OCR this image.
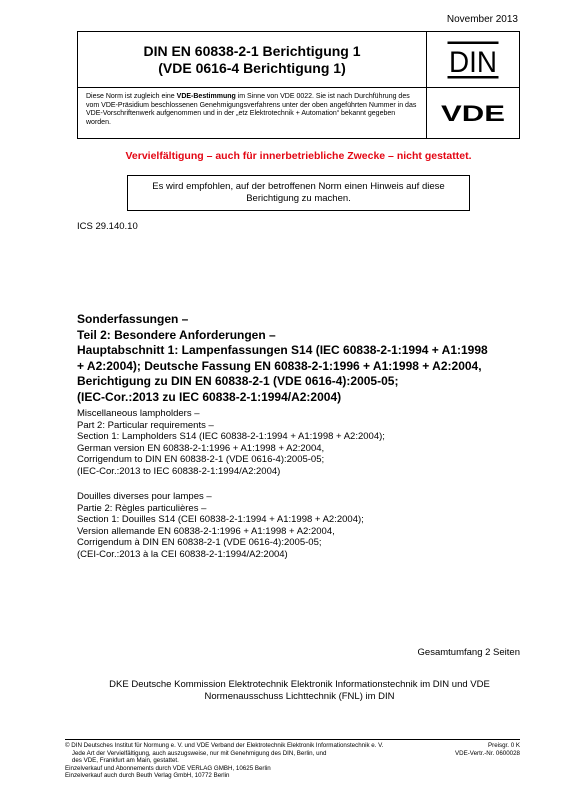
November 2013
DIN EN 60838-2-1 Berichtigung 1
(VDE 0616-4 Berichtigung 1)	DIN
Diese Norm ist zugleich eine VDE-Bestimmung im Sinne von VDE 0022. Sie ist nach Durchführung des vom VDE-Präsidium beschlossenen Genehmigungsverfahrens unter der oben angeführten Nummer in das VDE-Vorschriftenwerk aufgenommen und in der „etz Elektrotechnik + Automation“ bekannt gegeben worden.	VDE
Vervielfältigung – auch für innerbetriebliche Zwecke – nicht gestattet.
Es wird empfohlen, auf der betroffenen Norm einen Hinweis auf diese
Berichtigung zu machen.
ICS 29.140.10
Sonderfassungen –
Teil 2: Besondere Anforderungen –
Hauptabschnitt 1: Lampenfassungen S14 (IEC 60838-2-1:1994 + A1:1998
+ A2:2004); Deutsche Fassung EN 60838-2-1:1996 + A1:1998 + A2:2004,
Berichtigung zu DIN EN 60838-2-1 (VDE 0616-4):2005-05;
(IEC-Cor.:2013 zu IEC 60838-2-1:1994/A2:2004)
Miscellaneous lampholders –
Part 2: Particular requirements –
Section 1: Lampholders S14 (IEC 60838-2-1:1994 + A1:1998 + A2:2004);
German version EN 60838-2-1:1996 + A1:1998 + A2:2004,
Corrigendum to DIN EN 60838-2-1 (VDE 0616-4):2005-05;
(IEC-Cor.:2013 to IEC 60838-2-1:1994/A2:2004)
Douilles diverses pour lampes –
Partie 2: Règles particulières –
Section 1: Douilles S14 (CEI 60838-2-1:1994 + A1:1998 + A2:2004);
Version allemande EN 60838-2-1:1996 + A1:1998 + A2:2004,
Corrigendum à DIN EN 60838-2-1 (VDE 0616-4):2005-05;
(CEI-Cor.:2013 à la CEI 60838-2-1:1994/A2:2004)
Gesamtumfang 2 Seiten
DKE Deutsche Kommission Elektrotechnik Elektronik Informationstechnik im DIN und VDE
Normenausschuss Lichttechnik (FNL) im DIN
© DIN Deutsches Institut für Normung e. V. und VDE Verband der Elektrotechnik Elektronik Informationstechnik e. V.
Jede Art der Vervielfältigung, auch auszugsweise, nur mit Genehmigung des DIN, Berlin, und
des VDE, Frankfurt am Main, gestattet.
Einzelverkauf und Abonnements durch VDE VERLAG GMBH, 10625 Berlin
Einzelverkauf auch durch Beuth Verlag GmbH, 10772 Berlin
Preisgr. 0 K
VDE-Vertr.-Nr. 0600028
